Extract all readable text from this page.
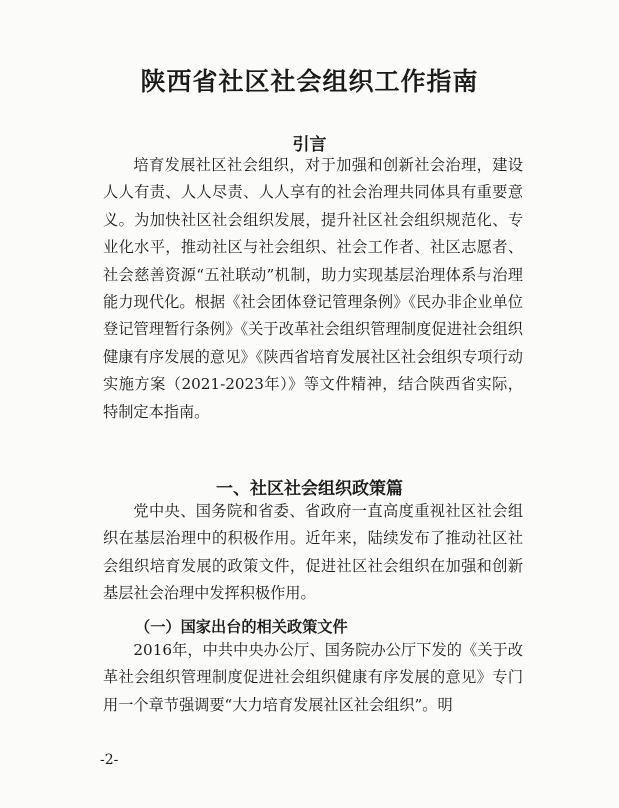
陕西省社区社会组织工作指南
引言

培育发展社区社会组织，对于加强和创新社会治理，建设人人有责、人人尽责、人人享有的社会治理共同体具有重要意义。为加快社区社会组织发展，提升社区社会组织规范化、专业化水平，推动社区与社会组织、社会工作者、社区志愿者、社会慈善资源“五社联动”机制，助力实现基层治理体系与治理能力现代化。根据《社会团体登记管理条例》《民办非企业单位登记管理暂行条例》《关于改革社会组织管理制度促进社会组织健康有序发展的意见》《陕西省培育发展社区社会组织专项行动实施方案（2021-2023年）》等文件精神，结合陕西省实际，特制定本指南。

一、社区社会组织政策篇

党中央、国务院和省委、省政府一直高度重视社区社会组织在基层治理中的积极作用。近年来，陆续发布了推动社区社会组织培育发展的政策文件，促进社区社会组织在加强和创新基层社会治理中发挥积极作用。

（一）国家出台的相关政策文件

2016年，中共中央办公厅、国务院办公厅下发的《关于改革社会组织管理制度促进社会组织健康有序发展的意见》专门用一个章节强调要“大力培育发展社区社会组织”。明

-2-
